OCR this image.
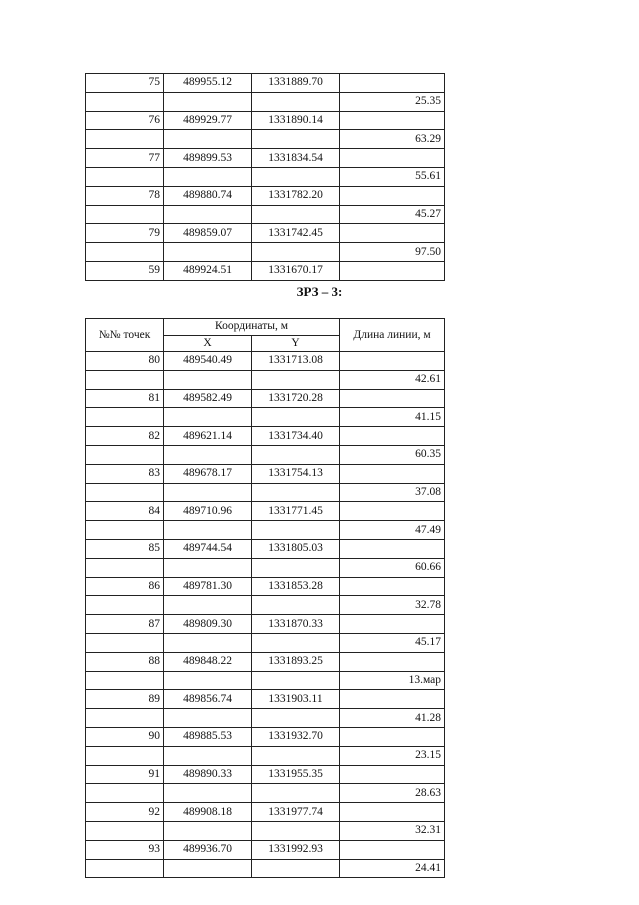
75	489955.12	1331889.70	
			25.35
76	489929.77	1331890.14	
			63.29
77	489899.53	1331834.54	
			55.61
78	489880.74	1331782.20	
			45.27
79	489859.07	1331742.45	
			97.50
59	489924.51	1331670.17	
ЗРЗ – 3:
№№ точек	Координаты, м		Длина линии, м
	X	Y	
80	489540.49	1331713.08	
			42.61
81	489582.49	1331720.28	
			41.15
82	489621.14	1331734.40	
			60.35
83	489678.17	1331754.13	
			37.08
84	489710.96	1331771.45	
			47.49
85	489744.54	1331805.03	
			60.66
86	489781.30	1331853.28	
			32.78
87	489809.30	1331870.33	
			45.17
88	489848.22	1331893.25	
			13.мар
89	489856.74	1331903.11	
			41.28
90	489885.53	1331932.70	
			23.15
91	489890.33	1331955.35	
			28.63
92	489908.18	1331977.74	
			32.31
93	489936.70	1331992.93	
			24.41
